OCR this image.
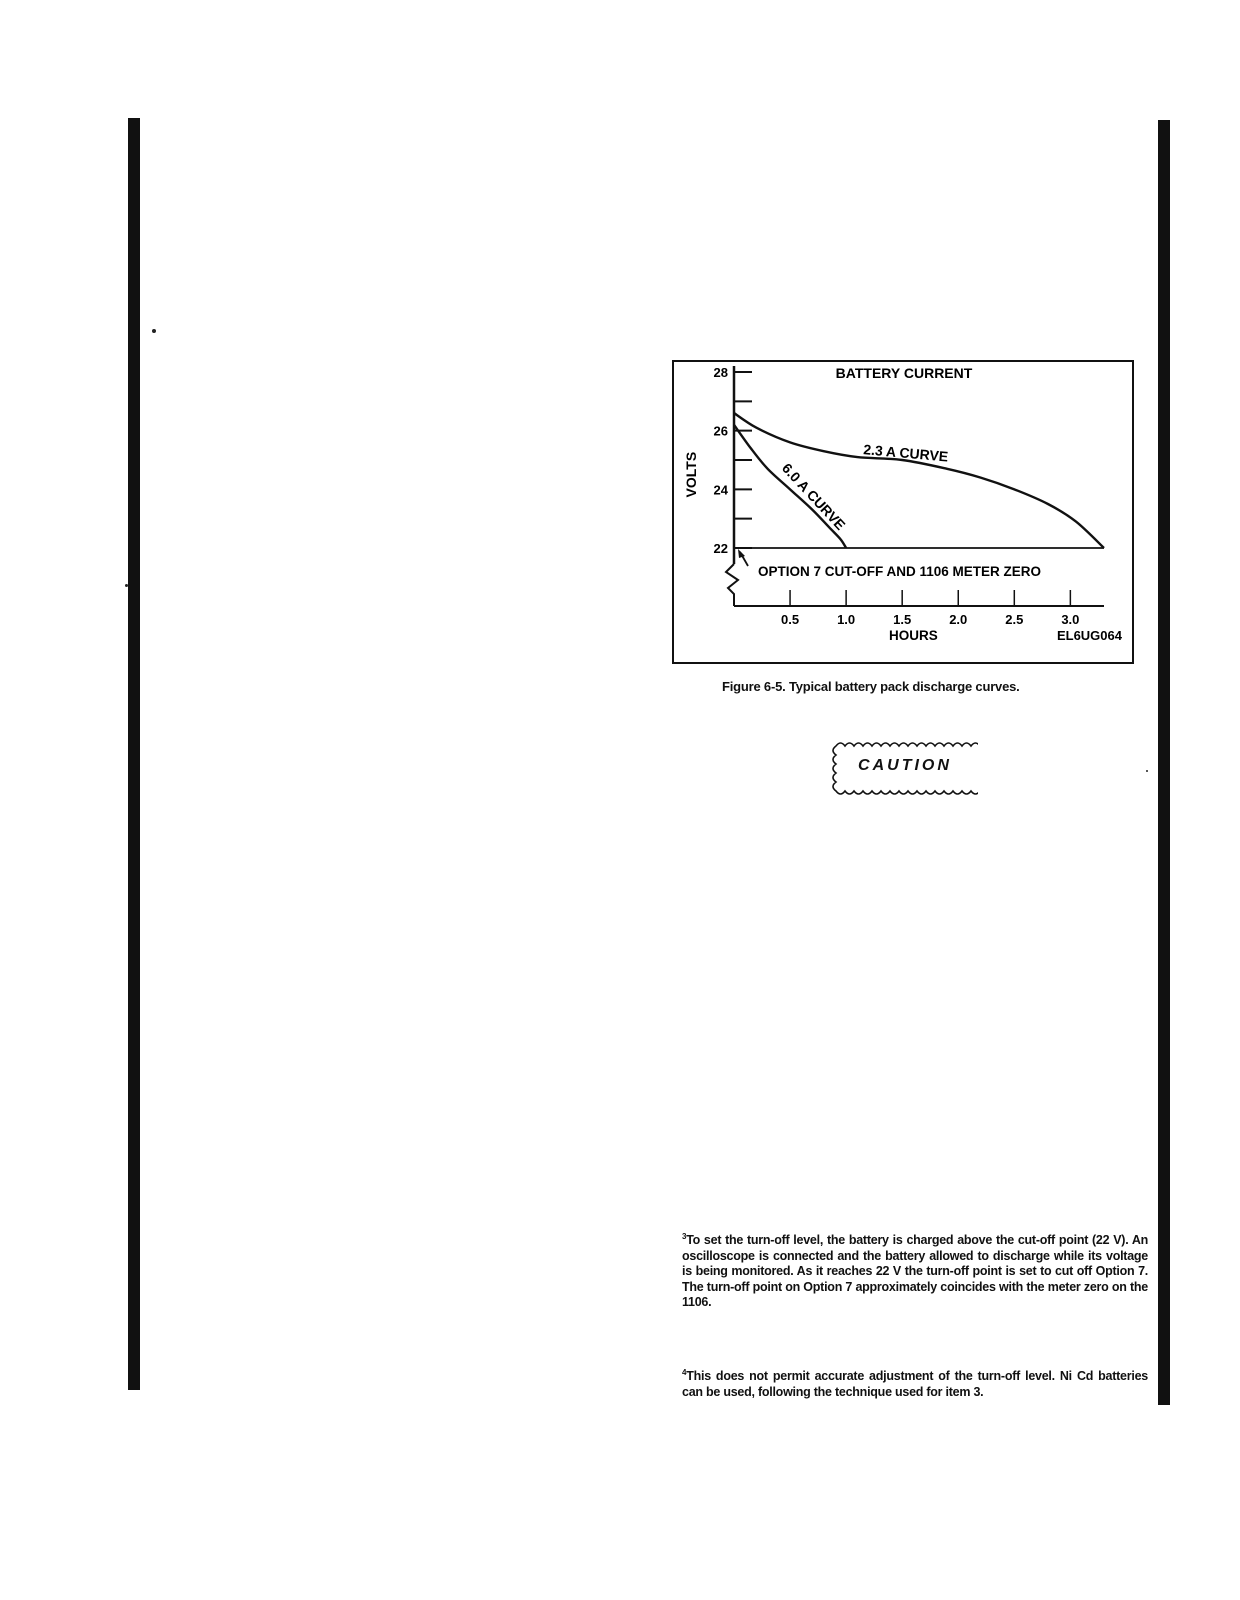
28
26
24
22
0.5	1.0	1.5	2.0	2.5	3.0
OPTION 7 CUT-OFF AND 1106 METER ZERO
2.3 A CURVE
6.0 A CURVE
BATTERY CURRENT
VOLTS
HOURS	EL6UG064
Figure 6-5. Typical battery pack discharge curves.
CAUTION
$^3$To set the turn-off level, the battery is charged above the cut-off point (22 V). An oscilloscope is connected and the battery allowed to discharge while its voltage is being monitored. As it reaches 22 V the turn-off point is set to cut off Option 7. The turn-off point on Option 7 approximately coincides with the meter zero on the 1106.
$^4$This does not permit accurate adjustment of the turn-off level. Ni Cd batteries can be used, following the technique used for item 3.
